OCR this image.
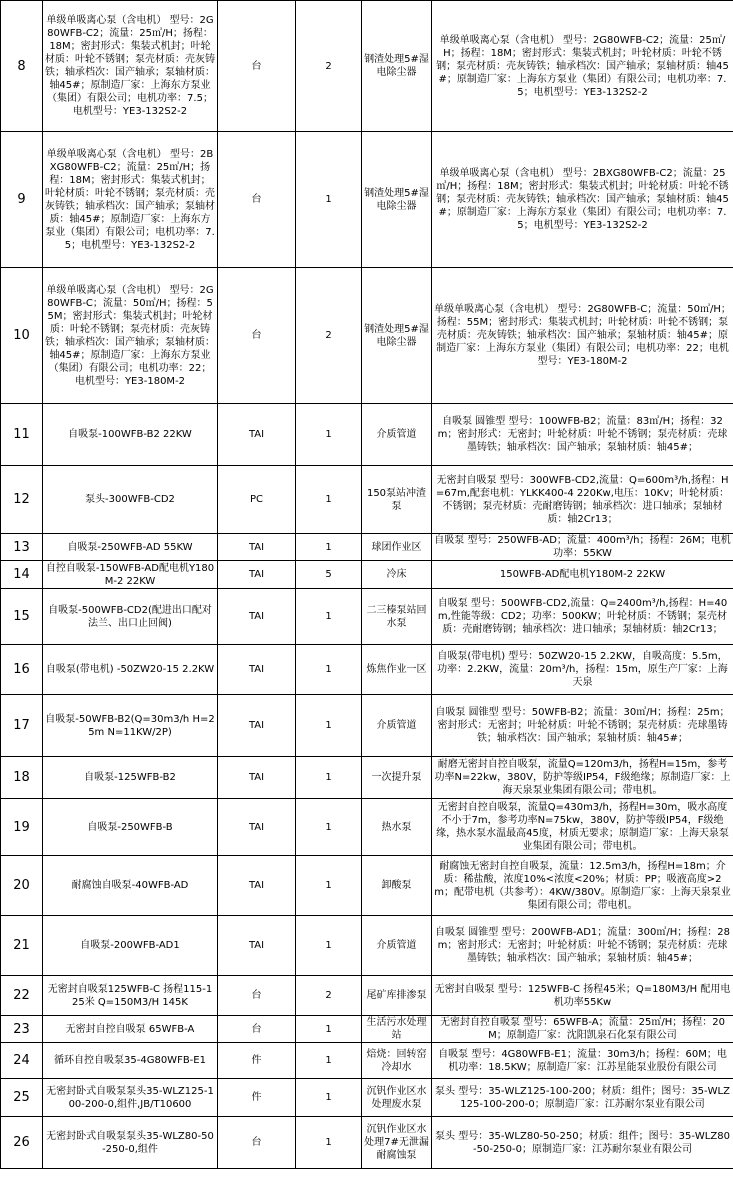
8	单级单吸离心泵（含电机） 型号：2G80WFB-C2；流量：25㎥/H；扬程：18M；密封形式：集装式机封；叶轮材质：叶轮不锈钢；泵壳材质：壳灰铸铁；轴承档次：国产轴承；泵轴材质：轴45#；原制造厂家：上海东方泵业（集团）有限公司；电机功率：7.5；电机型号：YE3-132S2-2	台	2	钢渣处理5#湿电除尘器	单级单吸离心泵（含电机） 型号：2G80WFB-C2；流量：25㎥/H；扬程：18M；密封形式：集装式机封；叶轮材质：叶轮不锈钢；泵壳材质：壳灰铸铁；轴承档次：国产轴承；泵轴材质：轴45#；原制造厂家：上海东方泵业（集团）有限公司；电机功率：7.5；电机型号：YE3-132S2-2
9	单级单吸离心泵（含电机） 型号：2BXG80WFB-C2；流量：25㎥/H；扬程：18M；密封形式：集装式机封；叶轮材质：叶轮不锈钢；泵壳材质：壳灰铸铁；轴承档次：国产轴承；泵轴材质：轴45#；原制造厂家：上海东方泵业（集团）有限公司；电机功率：7.5；电机型号：YE3-132S2-2	台	1	钢渣处理5#湿电除尘器	单级单吸离心泵（含电机） 型号：2BXG80WFB-C2；流量：25㎥/H；扬程：18M；密封形式：集装式机封；叶轮材质：叶轮不锈钢；泵壳材质：壳灰铸铁；轴承档次：国产轴承；泵轴材质：轴45#；原制造厂家：上海东方泵业（集团）有限公司；电机功率：7.5；电机型号：YE3-132S2-2
10	单级单吸离心泵（含电机） 型号：2G80WFB-C；流量：50㎥/H；扬程：55M；密封形式：集装式机封；叶轮材质：叶轮不锈钢；泵壳材质：壳灰铸铁；轴承档次：国产轴承；泵轴材质：轴45#；原制造厂家：上海东方泵业（集团）有限公司；电机功率：22；电机型号：YE3-180M-2	台	2	钢渣处理5#湿电除尘器	单级单吸离心泵（含电机） 型号：2G80WFB-C；流量：50㎥/H；扬程：55M；密封形式：集装式机封；叶轮材质：叶轮不锈钢；泵壳材质：壳灰铸铁；轴承档次：国产轴承；泵轴材质：轴45#；原制造厂家：上海东方泵业（集团）有限公司；电机功率：22；电机型号：YE3-180M-2
11	自吸泵-100WFB-B2 22KW	TAI	1	介质管道	自吸泵 圆锥型 型号：100WFB-B2；流量：83㎥/H；扬程：32m；密封形式：无密封；叶轮材质：叶轮不锈钢；泵壳材质：壳球墨铸铁；轴承档次：国产轴承；泵轴材质：轴45#；
12	泵头-300WFB-CD2	PC	1	150泵站冲渣泵	无密封自吸泵 型号：300WFB-CD2,流量：Q=600m³/h,扬程：H=67m,配套电机：YLKK400-4 220Kw,电压：10Kv；叶轮材质：不锈钢；泵壳材质：壳耐磨铸钢；轴承档次：进口轴承；泵轴材质：轴2Cr13；
13	自吸泵-250WFB-AD 55KW	TAI	1	球团作业区	自吸泵 型号：250WFB-AD；流量：400m³/h；扬程：26M；电机功率：55KW
14	自控自吸泵-150WFB-AD配电机Y180M-2 22KW	TAI	5	冷床	150WFB-AD配电机Y180M-2 22KW
15	自吸泵-500WFB-CD2(配进出口配对法兰、出口止回阀)	TAI	1	二三榛泵站回水泵	自吸泵 型号：500WFB-CD2,流量：Q=2400m³/h,扬程：H=40m,性能等级：CD2；功率：500KW；叶轮材质：不锈钢；泵壳材质：壳耐磨铸钢；轴承档次：进口轴承；泵轴材质：轴2Cr13；
16	自吸泵(带电机) -50ZW20-15 2.2KW	TAI	1	炼焦作业一区	自吸泵(带电机) 型号：50ZW20-15 2.2KW，自吸高度：5.5m，功率：2.2KW，流量：20m³/h，扬程：15m，原生产厂家：上海天泉
17	自吸泵-50WFB-B2(Q=30m3/h H=25m N=11KW/2P)	TAI	1	介质管道	自吸泵 圆锥型 型号：50WFB-B2；流量：30㎥/H；扬程：25m；密封形式：无密封；叶轮材质：叶轮不锈钢；泵壳材质：壳球墨铸铁；轴承档次：国产轴承；泵轴材质：轴45#；
18	自吸泵-125WFB-B2	TAI	1	一次提升泵	耐磨无密封自控自吸泵，流量Q=120m3/h，扬程H=15m，参考功率N=22kw，380V，防护等级IP54，F级绝缘；原制造厂家：上海天泉泵业集团有限公司；带电机。
19	自吸泵-250WFB-B	TAI	1	热水泵	无密封自控自吸泵，流量Q=430m3/h，扬程H=30m，吸水高度不小于7m，参考功率N=75kw，380V，防护等级IP54，F级绝缘，热水泵水温最高45度，材质无要求；原制造厂家：上海天泉泵业集团有限公司；带电机。
20	耐腐蚀自吸泵-40WFB-AD	TAI	1	卸酸泵	耐腐蚀无密封自控自吸泵，流量：12.5m3/h，扬程H=18m；介质：稀盐酸，浓度10%<浓度<20%；材质：PP；吸液高度>2m；配带电机（共参考）：4KW/380V。原制造厂家：上海天泉泵业集团有限公司；带电机。
21	自吸泵-200WFB-AD1	TAI	1	介质管道	自吸泵 圆锥型 型号：200WFB-AD1；流量：300㎥/H；扬程：28m；密封形式：无密封；叶轮材质：叶轮不锈钢；泵壳材质：壳球墨铸铁；轴承档次：国产轴承；泵轴材质：轴45#；
22	无密封自吸泵125WFB-C 扬程115-125米 Q=150M3/H 145K	台	2	尾矿库排渗泵	无密封自吸泵 型号：125WFB-C 扬程45米；Q=180M3/H 配用电机功率55Kw
23	无密封自控自吸泵 65WFB-A	台	1	生活污水处理站	无密封自控自吸泵 型号：65WFB-A；流量：25㎥/H；扬程：20M；原制造厂家：沈阳凯泉石化泵有限公司
24	循环自控自吸泵35-4G80WFB-E1	件	1	焙烧：回转窑冷却水	自吸泵 型号：4G80WFB-E1；流量：30m3/h；扬程：60M；电机功率：18.5KW；原制造厂家：江苏星能泵业股份有限公司
25	无密封卧式自吸泵泵头35-WLZ125-100-200-0,组件,JB/T10600	件	1	沉钒作业区水处理废水泵	泵头 型号：35-WLZ125-100-200；材质：组件；图号：35-WLZ125-100-200-0；原制造厂家：江苏耐尔泵业有限公司
26	无密封卧式自吸泵泵头35-WLZ80-50-250-0,组件	台	1	沉钒作业区水处理7#无泄漏耐腐蚀泵	泵头 型号：35-WLZ80-50-250；材质：组件；图号：35-WLZ80-50-250-0；原制造厂家：江苏耐尔泵业有限公司
